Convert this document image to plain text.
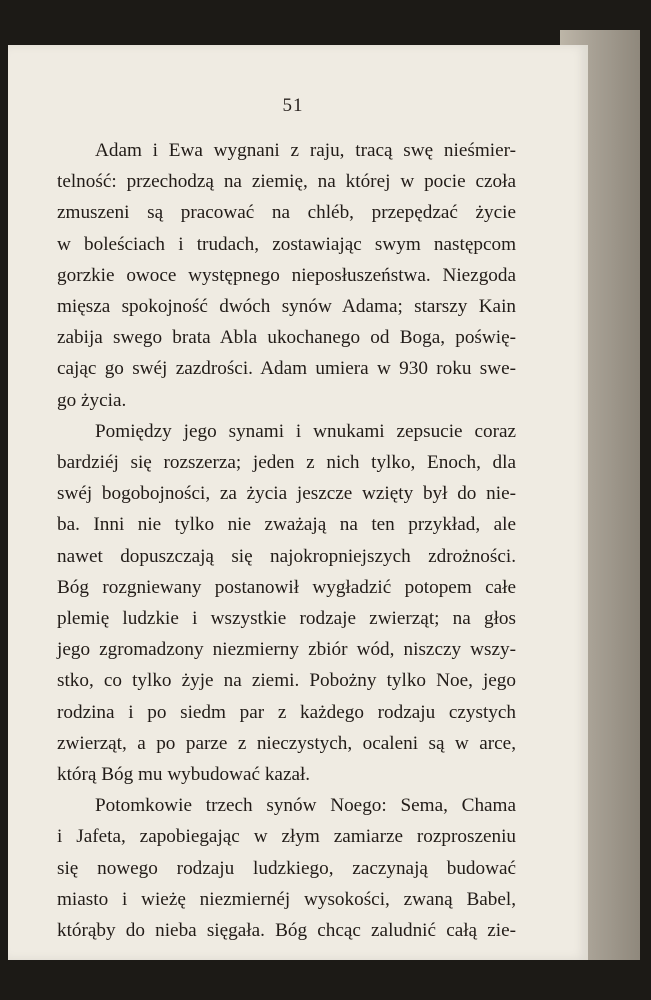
51
Adam i Ewa wygnani z raju, tracą swę nieśmier-
telność: przechodzą na ziemię, na której w pocie czoła
zmuszeni są pracować na chléb, przepędzać życie
w boleściach i trudach, zostawiając swym następcom
gorzkie owoce występnego nieposłuszeństwa. Niezgoda
mięsza spokojność dwóch synów Adama; starszy Kain
zabija swego brata Abla ukochanego od Boga, poświę-
cając go swéj zazdrości. Adam umiera w 930 roku swe-
go życia.
Pomiędzy jego synami i wnukami zepsucie coraz
bardziéj się rozszerza; jeden z nich tylko, Enoch, dla
swéj bogobojności, za życia jeszcze wzięty był do nie-
ba. Inni nie tylko nie zważają na ten przykład, ale
nawet dopuszczają się najokropniejszych zdrożności.
Bóg rozgniewany postanowił wygładzić potopem całe
plemię ludzkie i wszystkie rodzaje zwierząt; na głos
jego zgromadzony niezmierny zbiór wód, niszczy wszy-
stko, co tylko żyje na ziemi. Pobożny tylko Noe, jego
rodzina i po siedm par z każdego rodzaju czystych
zwierząt, a po parze z nieczystych, ocaleni są w arce,
którą Bóg mu wybudować kazał.
Potomkowie trzech synów Noego: Sema, Chama
i Jafeta, zapobiegając w złym zamiarze rozproszeniu
się nowego rodzaju ludzkiego, zaczynają budować
miasto i wieżę niezmiernéj wysokości, zwaną Babel,
którąby do nieba sięgała. Bóg chcąc zaludnić całą zie-
